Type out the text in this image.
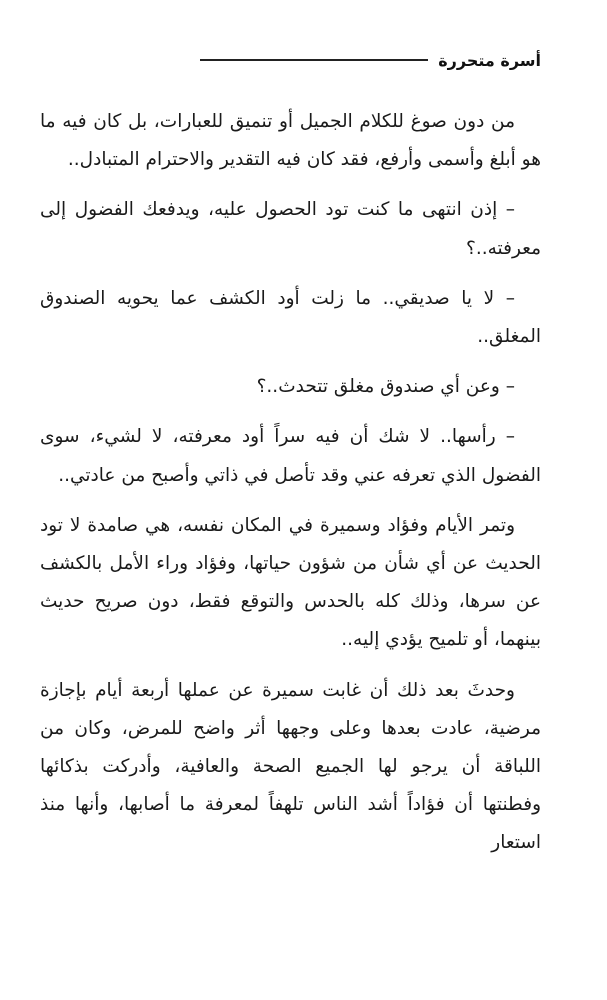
أسرة متحررة

من دون صوغ للكلام الجميل أو تنميق للعبارات، بل كان فيه ما هو أبلغ وأسمى وأرفع، فقد كان فيه التقدير والاحترام المتبادل..

– إذن انتهى ما كنت تود الحصول عليه، ويدفعك الفضول إلى معرفته..؟

– لا يا صديقي.. ما زلت أود الكشف عما يحويه الصندوق المغلق..

– وعن أي صندوق مغلق تتحدث..؟

– رأسها.. لا شك أن فيه سراً أود معرفته، لا لشيء، سوى الفضول الذي تعرفه عني وقد تأصل في ذاتي وأصبح من عادتي..

وتمر الأيام وفؤاد وسميرة في المكان نفسه، هي صامدة لا تود الحديث عن أي شأن من شؤون حياتها، وفؤاد وراء الأمل بالكشف عن سرها، وذلك كله بالحدس والتوقع فقط، دون صريح حديث بينهما، أو تلميح يؤدي إليه..

وحدثَ بعد ذلك أن غابت سميرة عن عملها أربعة أيام بإجازة مرضية، عادت بعدها وعلى وجهها أثر واضح للمرض، وكان من اللباقة أن يرجو لها الجميع الصحة والعافية، وأدركت بذكائها وفطنتها أن فؤاداً أشد الناس تلهفاً لمعرفة ما أصابها، وأنها منذ استعار
